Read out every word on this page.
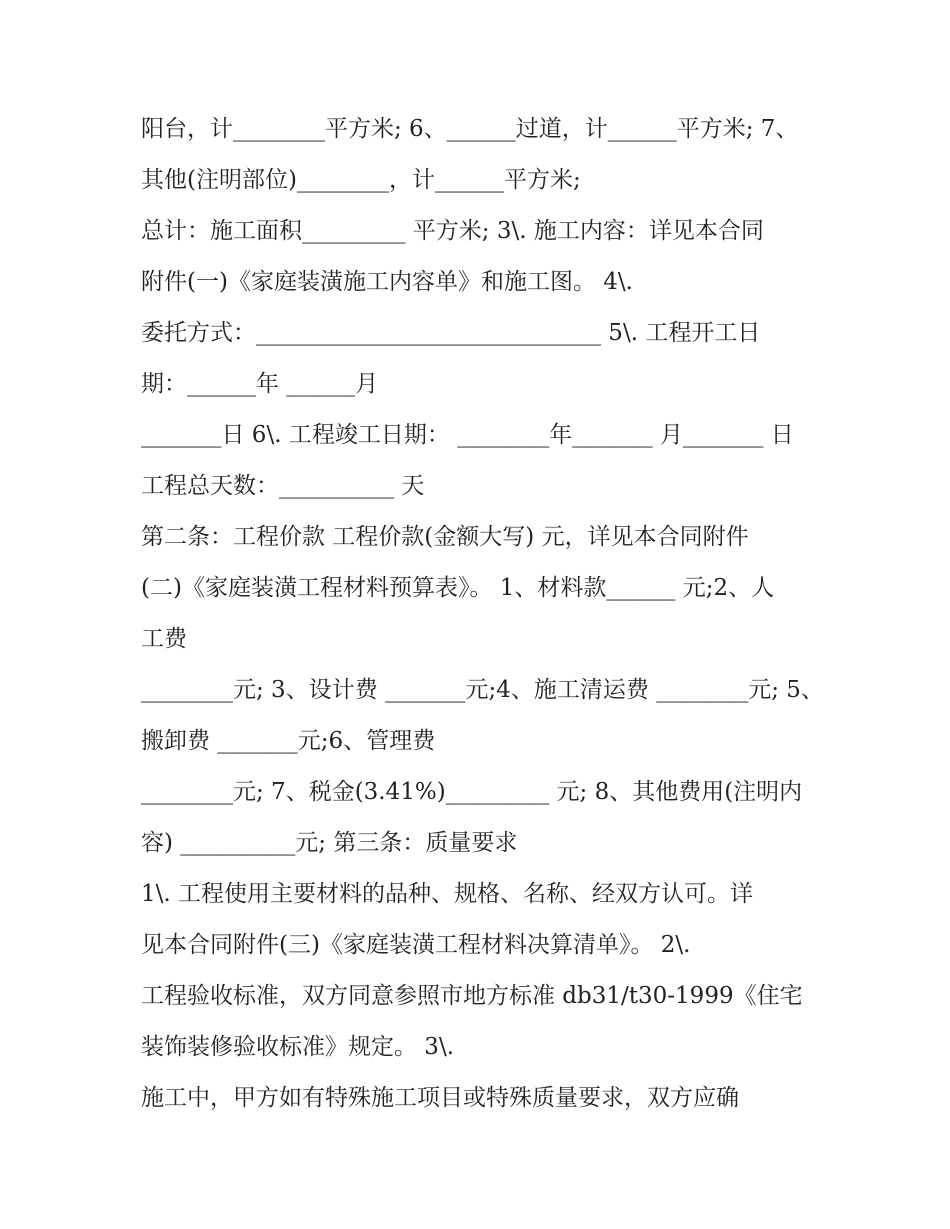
阳台，计________平方米; 6、______过道，计______平方米; 7、
其他(注明部位)________，计______平方米;
总计：施工面积_________ 平方米; 3\. 施工内容：详见本合同
附件(一)《家庭装潢施工内容单》和施工图。 4\.
委托方式：______________________________ 5\. 工程开工日
期：______年 ______月
_______日 6\. 工程竣工日期： ________年_______ 月_______ 日
工程总天数：__________ 天
第二条：工程价款 工程价款(金额大写) 元，详见本合同附件
(二)《家庭装潢工程材料预算表》。 1、材料款______ 元;2、人
工费
________元; 3、设计费 _______元;4、施工清运费 ________元; 5、
搬卸费 _______元;6、管理费
________元; 7、税金(3.41%)_________ 元; 8、其他费用(注明内
容) __________元; 第三条：质量要求
1\. 工程使用主要材料的品种、规格、名称、经双方认可。详
见本合同附件(三)《家庭装潢工程材料决算清单》。 2\.
工程验收标准，双方同意参照市地方标准 db31/t30-1999《住宅
装饰装修验收标准》规定。 3\.
施工中，甲方如有特殊施工项目或特殊质量要求，双方应确
